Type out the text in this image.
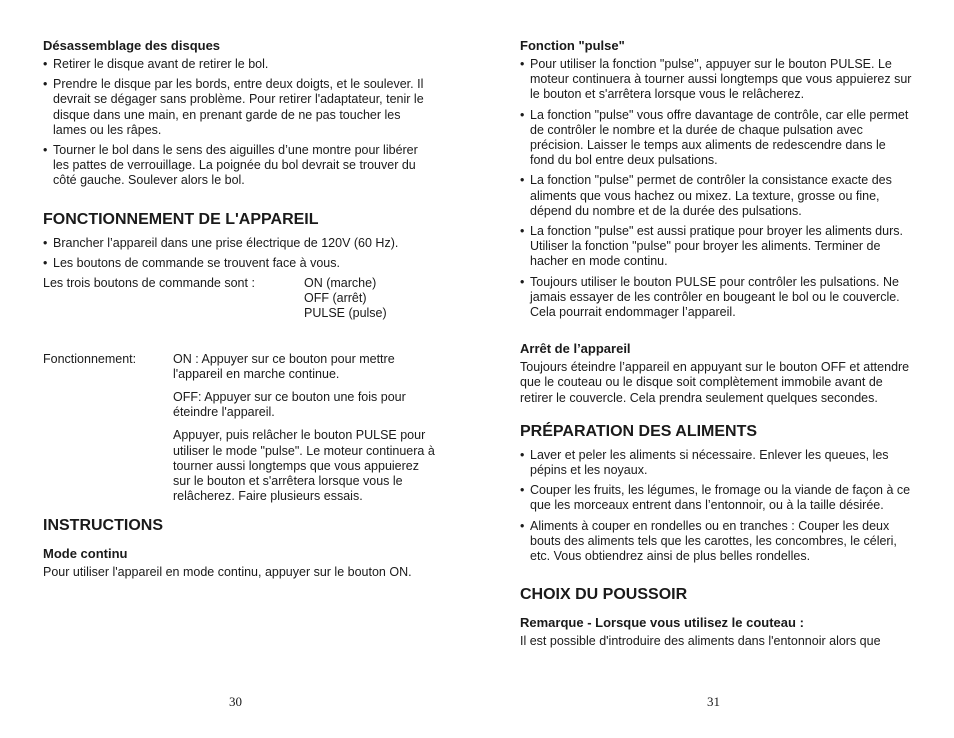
Désassemblage des disques
• Retirer le disque avant de retirer le bol.
• Prendre le disque par les bords, entre deux doigts, et le soulever. Il devrait se dégager sans problème. Pour retirer l'adaptateur, tenir le disque dans une main, en prenant garde de ne pas toucher les lames ou les râpes.
• Tourner le bol dans le sens des aiguilles d’une montre pour libérer les pattes de verrouillage. La poignée du bol devrait se trouver du côté gauche. Soulever alors le bol.
FONCTIONNEMENT DE L'APPAREIL
• Brancher l’appareil dans une prise électrique de 120V (60 Hz).
• Les boutons de commande se trouvent face à vous.
Les trois boutons de commande sont :	ON (marche)
OFF (arrêt)
PULSE (pulse)
Fonctionnement:	ON : Appuyer sur ce bouton pour mettre l'appareil en marche continue.
OFF: Appuyer sur ce bouton une fois pour éteindre l'appareil.
Appuyer, puis relâcher le bouton PULSE pour utiliser le mode "pulse". Le moteur continuera à tourner aussi longtemps que vous appuierez sur le bouton et s'arrêtera lorsque vous le relâcherez. Faire plusieurs essais.
INSTRUCTIONS
Mode continu

Pour utiliser l'appareil en mode continu, appuyer sur le bouton ON.

Fonction "pulse"
• Pour utiliser la fonction "pulse", appuyer sur le bouton PULSE. Le moteur continuera à tourner aussi longtemps que vous appuierez sur le bouton et s'arrêtera lorsque vous le relâcherez.
• La fonction "pulse" vous offre davantage de contrôle, car elle permet de contrôler le nombre et la durée de chaque pulsation avec précision. Laisser le temps aux aliments de redescendre dans le fond du bol entre deux pulsations.
• La fonction "pulse" permet de contrôler la consistance exacte des aliments que vous hachez ou mixez. La texture, grosse ou fine, dépend du nombre et de la durée des pulsations.
• La fonction "pulse" est aussi pratique pour broyer les aliments durs. Utiliser la fonction "pulse" pour broyer les aliments. Terminer de hacher en mode continu.
• Toujours utiliser le bouton PULSE pour contrôler les pulsations. Ne jamais essayer de les contrôler en bougeant le bol ou le couvercle. Cela pourrait endommager l’appareil.
Arrêt de l’appareil

Toujours éteindre l’appareil en appuyant sur le bouton OFF et attendre que le couteau ou le disque soit complètement immobile avant de retirer le couvercle. Cela prendra seulement quelques secondes.

PRÉPARATION DES ALIMENTS
• Laver et peler les aliments si nécessaire. Enlever les queues, les pépins et les noyaux.
• Couper les fruits, les légumes, le fromage ou la viande de façon à ce que les morceaux entrent dans l’entonnoir, ou à la taille désirée.
• Aliments à couper en rondelles ou en tranches : Couper les deux bouts des aliments tels que les carottes, les concombres, le céleri, etc. Vous obtiendrez ainsi de plus belles rondelles.
CHOIX DU POUSSOIR
Remarque - Lorsque vous utilisez le couteau :

Il est possible d'introduire des aliments dans l'entonnoir alors que

30	31
